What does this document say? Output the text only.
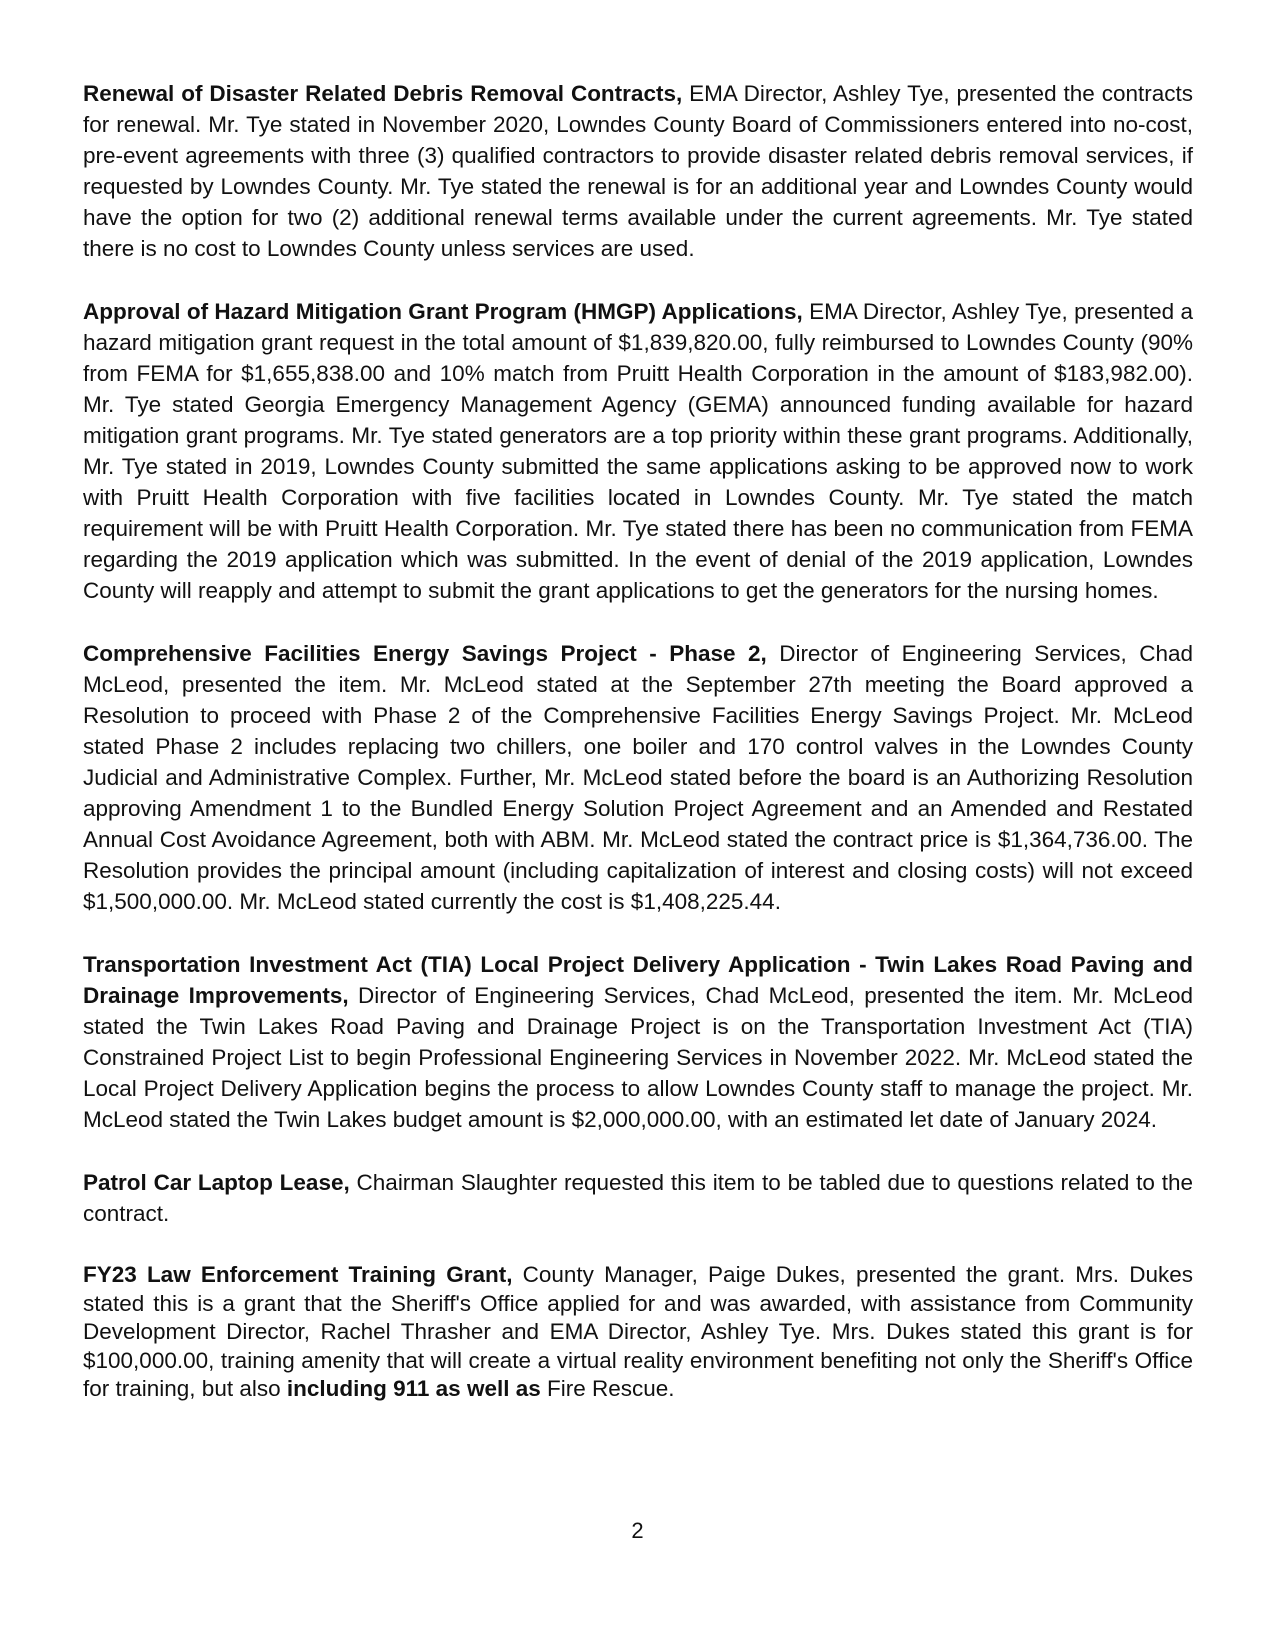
Renewal of Disaster Related Debris Removal Contracts, EMA Director, Ashley Tye, presented the contracts for renewal. Mr. Tye stated in November 2020, Lowndes County Board of Commissioners entered into no-cost, pre-event agreements with three (3) qualified contractors to provide disaster related debris removal services, if requested by Lowndes County. Mr. Tye stated the renewal is for an additional year and Lowndes County would have the option for two (2) additional renewal terms available under the current agreements. Mr. Tye stated there is no cost to Lowndes County unless services are used.

Approval of Hazard Mitigation Grant Program (HMGP) Applications, EMA Director, Ashley Tye, presented a hazard mitigation grant request in the total amount of $1,839,820.00, fully reimbursed to Lowndes County (90% from FEMA for $1,655,838.00 and 10% match from Pruitt Health Corporation in the amount of $183,982.00). Mr. Tye stated Georgia Emergency Management Agency (GEMA) announced funding available for hazard mitigation grant programs. Mr. Tye stated generators are a top priority within these grant programs. Additionally, Mr. Tye stated in 2019, Lowndes County submitted the same applications asking to be approved now to work with Pruitt Health Corporation with five facilities located in Lowndes County. Mr. Tye stated the match requirement will be with Pruitt Health Corporation. Mr. Tye stated there has been no communication from FEMA regarding the 2019 application which was submitted. In the event of denial of the 2019 application, Lowndes County will reapply and attempt to submit the grant applications to get the generators for the nursing homes.

Comprehensive Facilities Energy Savings Project - Phase 2, Director of Engineering Services, Chad McLeod, presented the item. Mr. McLeod stated at the September 27th meeting the Board approved a Resolution to proceed with Phase 2 of the Comprehensive Facilities Energy Savings Project. Mr. McLeod stated Phase 2 includes replacing two chillers, one boiler and 170 control valves in the Lowndes County Judicial and Administrative Complex. Further, Mr. McLeod stated before the board is an Authorizing Resolution approving Amendment 1 to the Bundled Energy Solution Project Agreement and an Amended and Restated Annual Cost Avoidance Agreement, both with ABM. Mr. McLeod stated the contract price is $1,364,736.00. The Resolution provides the principal amount (including capitalization of interest and closing costs) will not exceed $1,500,000.00. Mr. McLeod stated currently the cost is $1,408,225.44.

Transportation Investment Act (TIA) Local Project Delivery Application - Twin Lakes Road Paving and Drainage Improvements, Director of Engineering Services, Chad McLeod, presented the item. Mr. McLeod stated the Twin Lakes Road Paving and Drainage Project is on the Transportation Investment Act (TIA) Constrained Project List to begin Professional Engineering Services in November 2022. Mr. McLeod stated the Local Project Delivery Application begins the process to allow Lowndes County staff to manage the project. Mr. McLeod stated the Twin Lakes budget amount is $2,000,000.00, with an estimated let date of January 2024.

Patrol Car Laptop Lease, Chairman Slaughter requested this item to be tabled due to questions related to the contract.

FY23 Law Enforcement Training Grant, County Manager, Paige Dukes, presented the grant. Mrs. Dukes stated this is a grant that the Sheriff's Office applied for and was awarded, with assistance from Community Development Director, Rachel Thrasher and EMA Director, Ashley Tye. Mrs. Dukes stated this grant is for $100,000.00, training amenity that will create a virtual reality environment benefiting not only the Sheriff's Office for training, but also including 911 as well as Fire Rescue.

2
